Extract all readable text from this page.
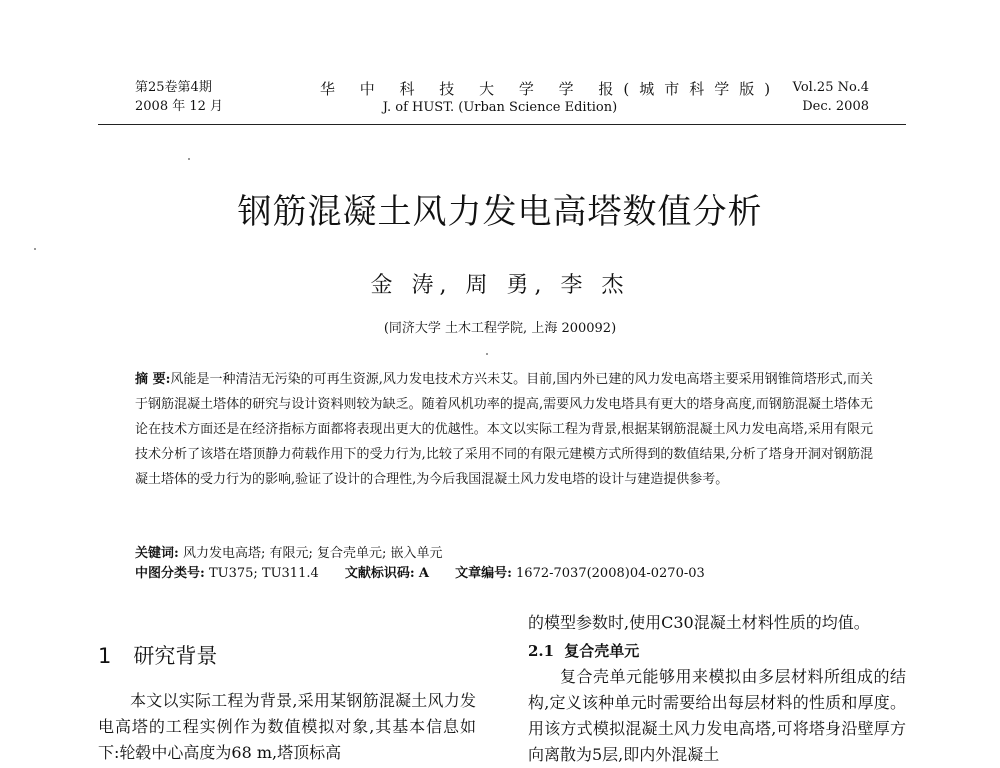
第25卷第4期
2008 年 12 月
华 中 科 技 大 学 学 报(城市科学版)
J. of HUST. (Urban Science Edition)
Vol.25 No.4
Dec. 2008
钢筋混凝土风力发电高塔数值分析
金 涛, 周 勇, 李 杰
(同济大学 土木工程学院, 上海 200092)

摘 要:风能是一种清洁无污染的可再生资源,风力发电技术方兴未艾。目前,国内外已建的风力发电高塔主要采用钢锥筒塔形式,而关于钢筋混凝土塔体的研究与设计资料则较为缺乏。随着风机功率的提高,需要风力发电塔具有更大的塔身高度,而钢筋混凝土塔体无论在技术方面还是在经济指标方面都将表现出更大的优越性。本文以实际工程为背景,根据某钢筋混凝土风力发电高塔,采用有限元技术分析了该塔在塔顶静力荷载作用下的受力行为,比较了采用不同的有限元建模方式所得到的数值结果,分析了塔身开洞对钢筋混凝土塔体的受力行为的影响,验证了设计的合理性,为今后我国混凝土风力发电塔的设计与建造提供参考。

关键词: 风力发电高塔; 有限元; 复合壳单元; 嵌入单元
中图分类号: TU375; TU311.4 文献标识码: A 文章编号: 1672-7037(2008)04-0270-03
1 研究背景

本文以实际工程为背景,采用某钢筋混凝土风力发电高塔的工程实例作为数值模拟对象,其基本信息如下:轮毂中心高度为68 m,塔顶标高

的模型参数时,使用C30混凝土材料性质的均值。

2.1 复合壳单元

复合壳单元能够用来模拟由多层材料所组成的结构,定义该种单元时需要给出每层材料的性质和厚度。用该方式模拟混凝土风力发电高塔,可将塔身沿壁厚方向离散为5层,即内外混凝土
